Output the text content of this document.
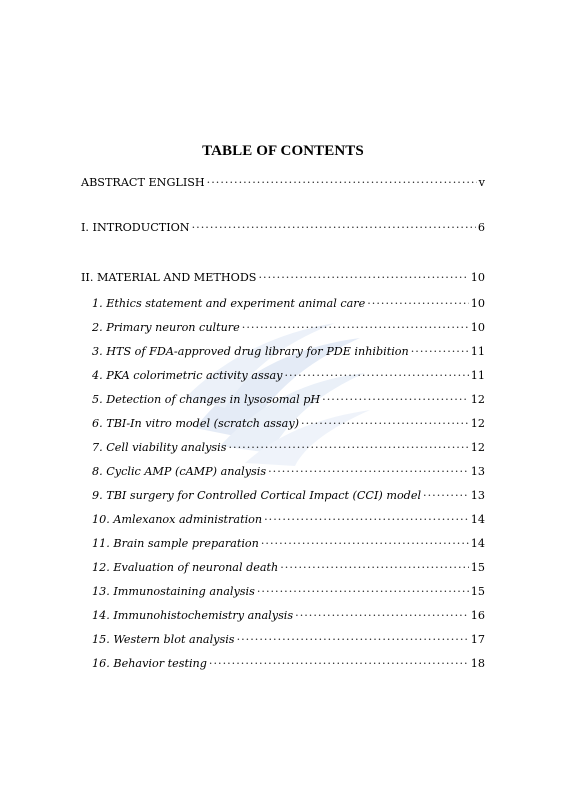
TABLE OF CONTENTS
ABSTRACT ENGLISH ·····	v
I. INTRODUCTION ·····	6
II. MATERIAL AND METHODS ·····	10
1. Ethics statement and experiment animal care ·····	10
2. Primary neuron culture ·····	10
3. HTS of FDA-approved drug library for PDE inhibition ·····	11
4. PKA colorimetric activity assay ·····	11
5. Detection of changes in lysosomal pH ·····	12
6. TBI-In vitro model (scratch assay) ·····	12
7. Cell viability analysis ·····	12
8. Cyclic AMP (cAMP) analysis ·····	13
9. TBI surgery for Controlled Cortical Impact (CCI) model ·····	13
10. Amlexanox administration ·····	14
11. Brain sample preparation ·····	14
12. Evaluation of neuronal death ·····	15
13. Immunostaining analysis ·····	15
14. Immunohistochemistry analysis ·····	16
15. Western blot analysis ·····	17
16. Behavior testing ·····	18
